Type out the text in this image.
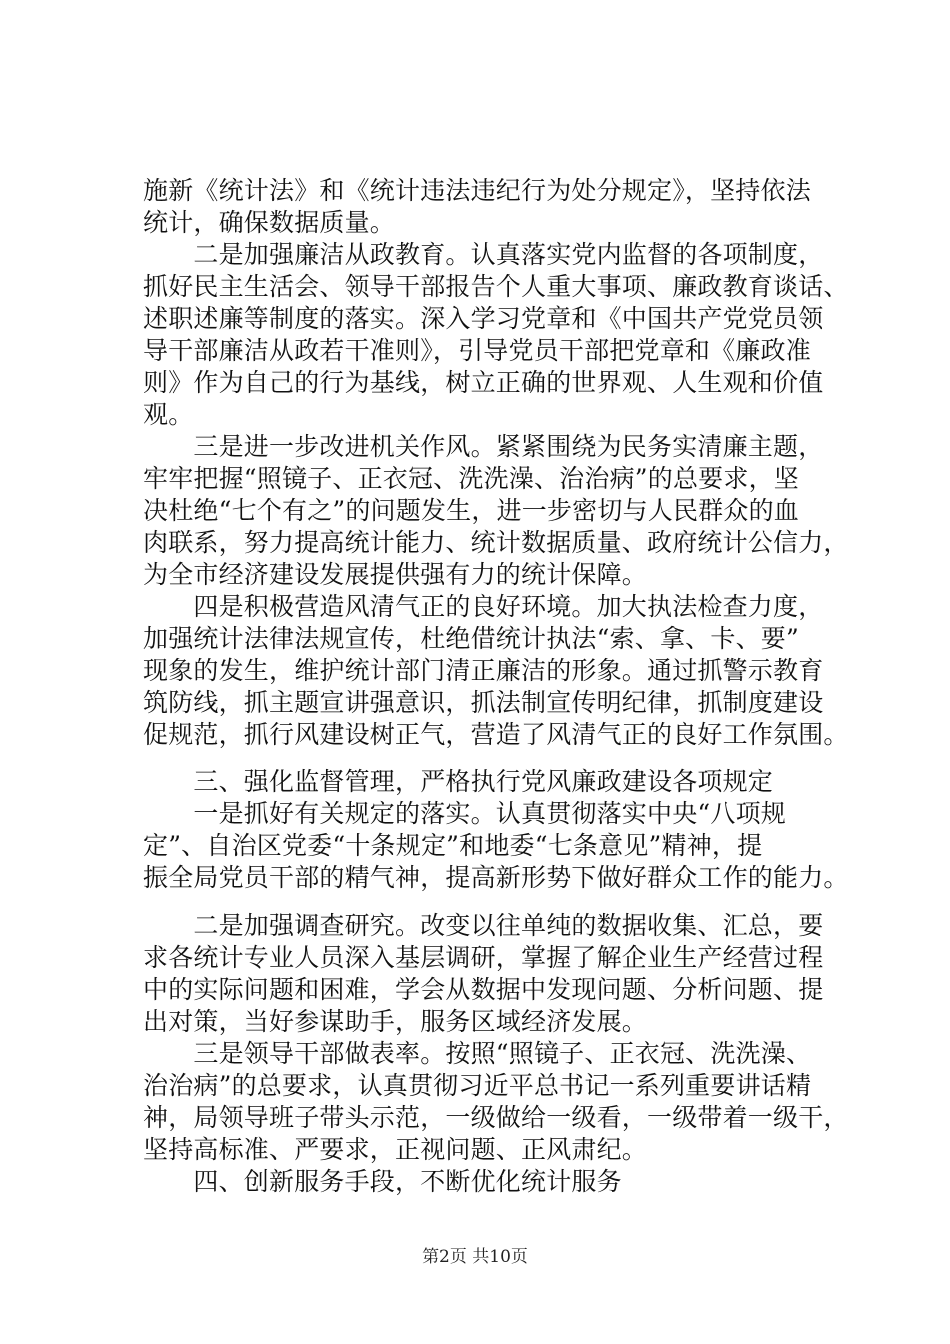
施新《统计法》和《统计违法违纪行为处分规定》，坚持依法
统计，确保数据质量。
　　二是加强廉洁从政教育。认真落实党内监督的各项制度，
抓好民主生活会、领导干部报告个人重大事项、廉政教育谈话、
述职述廉等制度的落实。深入学习党章和《中国共产党党员领
导干部廉洁从政若干准则》，引导党员干部把党章和《廉政准
则》作为自己的行为基线，树立正确的世界观、人生观和价值
观。
　　三是进一步改进机关作风。紧紧围绕为民务实清廉主题，
牢牢把握“照镜子、正衣冠、洗洗澡、治治病”的总要求，坚
决杜绝“七个有之”的问题发生，进一步密切与人民群众的血
肉联系，努力提高统计能力、统计数据质量、政府统计公信力，
为全市经济建设发展提供强有力的统计保障。
　　四是积极营造风清气正的良好环境。加大执法检查力度，
加强统计法律法规宣传，杜绝借统计执法“索、拿、卡、要”
现象的发生，维护统计部门清正廉洁的形象。通过抓警示教育
筑防线，抓主题宣讲强意识，抓法制宣传明纪律，抓制度建设
促规范，抓行风建设树正气，营造了风清气正的良好工作氛围。
　　三、强化监督管理，严格执行党风廉政建设各项规定
　　一是抓好有关规定的落实。认真贯彻落实中央“八项规
定”、自治区党委“十条规定”和地委“七条意见”精神，提
振全局党员干部的精气神，提高新形势下做好群众工作的能力。
　　二是加强调查研究。改变以往单纯的数据收集、汇总，要
求各统计专业人员深入基层调研，掌握了解企业生产经营过程
中的实际问题和困难，学会从数据中发现问题、分析问题、提
出对策，当好参谋助手，服务区域经济发展。
　　三是领导干部做表率。按照“照镜子、正衣冠、洗洗澡、
治治病”的总要求，认真贯彻习近平总书记一系列重要讲话精
神，局领导班子带头示范，一级做给一级看，一级带着一级干，
坚持高标准、严要求，正视问题、正风肃纪。
　　四、创新服务手段，不断优化统计服务
第2页 共10页
